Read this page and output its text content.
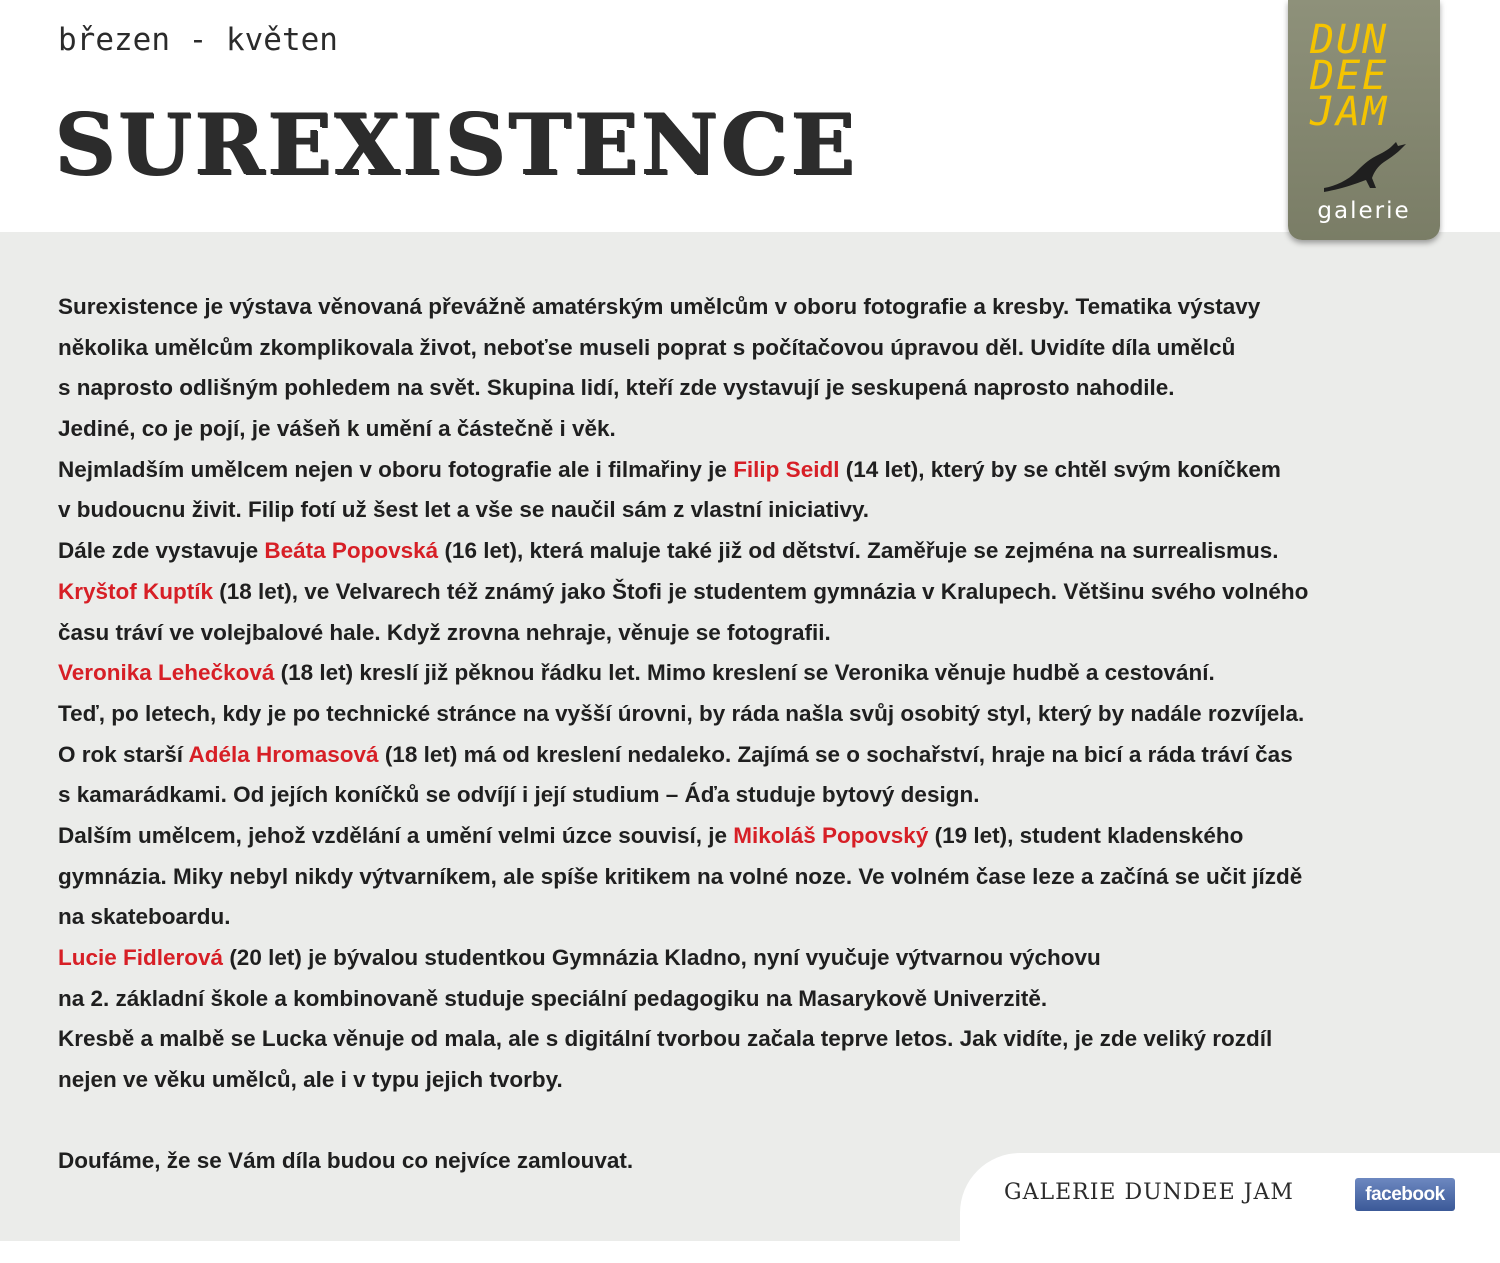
březen - květen
SUREXISTENCE
DUN
DEE
JAM
galerie
Surexistence je výstava věnovaná převážně amatérským umělcům v oboru fotografie a kresby. Tematika výstavy
několika umělcům zkomplikovala život, neboťse museli poprat s počítačovou úpravou děl. Uvidíte díla umělců
s naprosto odlišným pohledem na svět. Skupina lidí, kteří zde vystavují je seskupená naprosto nahodile.
Jediné, co je pojí, je vášeň k umění a částečně i věk.
Nejmladším umělcem nejen v oboru fotografie ale i filmařiny je Filip Seidl (14 let), který by se chtěl svým koníčkem
v budoucnu živit. Filip fotí už šest let a vše se naučil sám z vlastní iniciativy.
Dále zde vystavuje Beáta Popovská (16 let), která maluje také již od dětství. Zaměřuje se zejména na surrealismus.
Kryštof Kuptík (18 let), ve Velvarech též známý jako Štofi je studentem gymnázia v Kralupech. Většinu svého volného
času tráví ve volejbalové hale. Když zrovna nehraje, věnuje se fotografii.
Veronika Lehečková (18 let) kreslí již pěknou řádku let. Mimo kreslení se Veronika věnuje hudbě a cestování.
Teď, po letech, kdy je po technické stránce na vyšší úrovni, by ráda našla svůj osobitý styl, který by nadále rozvíjela.
O rok starší Adéla Hromasová (18 let) má od kreslení nedaleko. Zajímá se o sochařství, hraje na bicí a ráda tráví čas
s kamarádkami. Od jejích koníčků se odvíjí i její studium – Áďa studuje bytový design.
Dalším umělcem, jehož vzdělání a umění velmi úzce souvisí, je Mikoláš Popovský (19 let), student kladenského
gymnázia. Miky nebyl nikdy výtvarníkem, ale spíše kritikem na volné noze. Ve volném čase leze a začíná se učit jízdě
na skateboardu.
Lucie Fidlerová (20 let) je bývalou studentkou Gymnázia Kladno, nyní vyučuje výtvarnou výchovu
na 2. základní škole a kombinovaně studuje speciální pedagogiku na Masarykově Univerzitě.
Kresbě a malbě se Lucka věnuje od mala, ale s digitální tvorbou začala teprve letos. Jak vidíte, je zde veliký rozdíl
nejen ve věku umělců, ale i v typu jejich tvorby.
Doufáme, že se Vám díla budou co nejvíce zamlouvat.
GALERIE DUNDEE JAM	facebook
